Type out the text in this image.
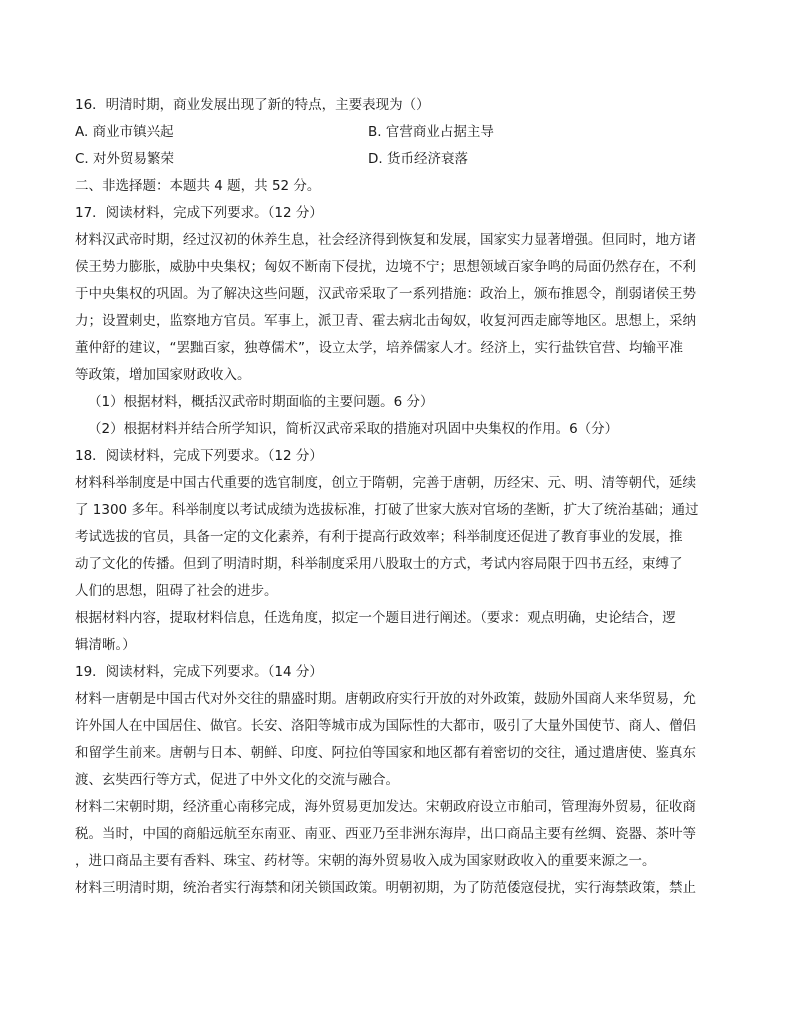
16．明清时期，商业发展出现了新的特点，主要表现为（）
A. 商业市镇兴起	B. 官营商业占据主导
C. 对外贸易繁荣	D. 货币经济衰落
二、非选择题：本题共 4 题，共 52 分。
17．阅读材料，完成下列要求。（12 分）
材料汉武帝时期，经过汉初的休养生息，社会经济得到恢复和发展，国家实力显著增强。但同时，地方诸
侯王势力膨胀，威胁中央集权；匈奴不断南下侵扰，边境不宁；思想领域百家争鸣的局面仍然存在，不利
于中央集权的巩固。为了解决这些问题，汉武帝采取了一系列措施：政治上，颁布推恩令，削弱诸侯王势
力；设置刺史，监察地方官员。军事上，派卫青、霍去病北击匈奴，收复河西走廊等地区。思想上，采纳
董仲舒的建议，“罢黜百家，独尊儒术”，设立太学，培养儒家人才。经济上，实行盐铁官营、均输平准
等政策，增加国家财政收入。
（1）根据材料，概括汉武帝时期面临的主要问题。6 分）
（2）根据材料并结合所学知识，简析汉武帝采取的措施对巩固中央集权的作用。6（分）
18．阅读材料，完成下列要求。（12 分）
材料科举制度是中国古代重要的选官制度，创立于隋朝，完善于唐朝，历经宋、元、明、清等朝代，延续
了 1300 多年。科举制度以考试成绩为选拔标准，打破了世家大族对官场的垄断，扩大了统治基础；通过
考试选拔的官员，具备一定的文化素养，有利于提高行政效率；科举制度还促进了教育事业的发展，推
动了文化的传播。但到了明清时期，科举制度采用八股取士的方式，考试内容局限于四书五经，束缚了
人们的思想，阻碍了社会的进步。
根据材料内容，提取材料信息，任选角度，拟定一个题目进行阐述。（要求：观点明确，史论结合，逻
辑清晰。）
19．阅读材料，完成下列要求。（14 分）
材料一唐朝是中国古代对外交往的鼎盛时期。唐朝政府实行开放的对外政策，鼓励外国商人来华贸易，允
许外国人在中国居住、做官。长安、洛阳等城市成为国际性的大都市，吸引了大量外国使节、商人、僧侣
和留学生前来。唐朝与日本、朝鲜、印度、阿拉伯等国家和地区都有着密切的交往，通过遣唐使、鉴真东
渡、玄奘西行等方式，促进了中外文化的交流与融合。
材料二宋朝时期，经济重心南移完成，海外贸易更加发达。宋朝政府设立市舶司，管理海外贸易，征收商
税。当时，中国的商船远航至东南亚、南亚、西亚乃至非洲东海岸，出口商品主要有丝绸、瓷器、茶叶等
，进口商品主要有香料、珠宝、药材等。宋朝的海外贸易收入成为国家财政收入的重要来源之一。
材料三明清时期，统治者实行海禁和闭关锁国政策。明朝初期，为了防范倭寇侵扰，实行海禁政策，禁止
